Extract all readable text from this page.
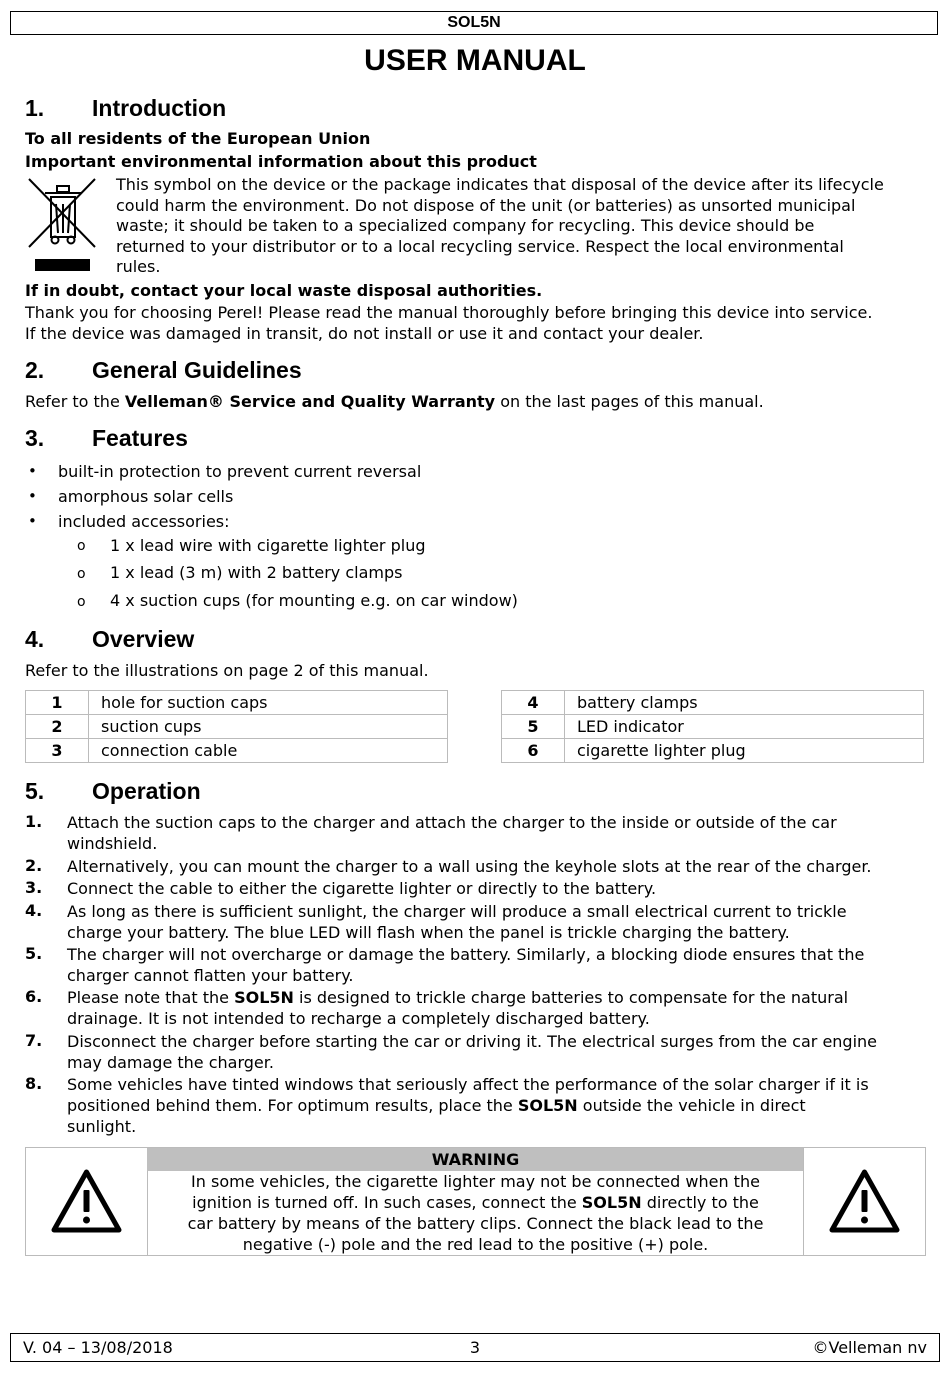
SOL5N
USER MANUAL
1. Introduction
To all residents of the European Union
Important environmental information about this product
This symbol on the device or the package indicates that disposal of the device after its lifecycle
could harm the environment. Do not dispose of the unit (or batteries) as unsorted municipal
waste; it should be taken to a specialized company for recycling. This device should be
returned to your distributor or to a local recycling service. Respect the local environmental
rules.
If in doubt, contact your local waste disposal authorities.
Thank you for choosing Perel! Please read the manual thoroughly before bringing this device into service.
If the device was damaged in transit, do not install or use it and contact your dealer.
2. General Guidelines
Refer to the Velleman® Service and Quality Warranty on the last pages of this manual.
3. Features
• built-in protection to prevent current reversal
• amorphous solar cells
• included accessories:
o 1 x lead wire with cigarette lighter plug
o 1 x lead (3 m) with 2 battery clamps
o 4 x suction cups (for mounting e.g. on car window)
4. Overview
Refer to the illustrations on page 2 of this manual.
1	hole for suction caps
2	suction cups
3	connection cable
4	battery clamps
5	LED indicator
6	cigarette lighter plug
5. Operation
1. Attach the suction caps to the charger and attach the charger to the inside or outside of the car
windshield.
2. Alternatively, you can mount the charger to a wall using the keyhole slots at the rear of the charger.
3. Connect the cable to either the cigarette lighter or directly to the battery.
4. As long as there is sufficient sunlight, the charger will produce a small electrical current to trickle
charge your battery. The blue LED will flash when the panel is trickle charging the battery.
5. The charger will not overcharge or damage the battery. Similarly, a blocking diode ensures that the
charger cannot flatten your battery.
6. Please note that the SOL5N is designed to trickle charge batteries to compensate for the natural
drainage. It is not intended to recharge a completely discharged battery.
7. Disconnect the charger before starting the car or driving it. The electrical surges from the car engine
may damage the charger.
8. Some vehicles have tinted windows that seriously affect the performance of the solar charger if it is
positioned behind them. For optimum results, place the SOL5N outside the vehicle in direct
sunlight.
WARNING
In some vehicles, the cigarette lighter may not be connected when the
ignition is turned off. In such cases, connect the SOL5N directly to the
car battery by means of the battery clips. Connect the black lead to the
negative (-) pole and the red lead to the positive (+) pole.
V. 04 – 13/08/2018	3	©Velleman nv
